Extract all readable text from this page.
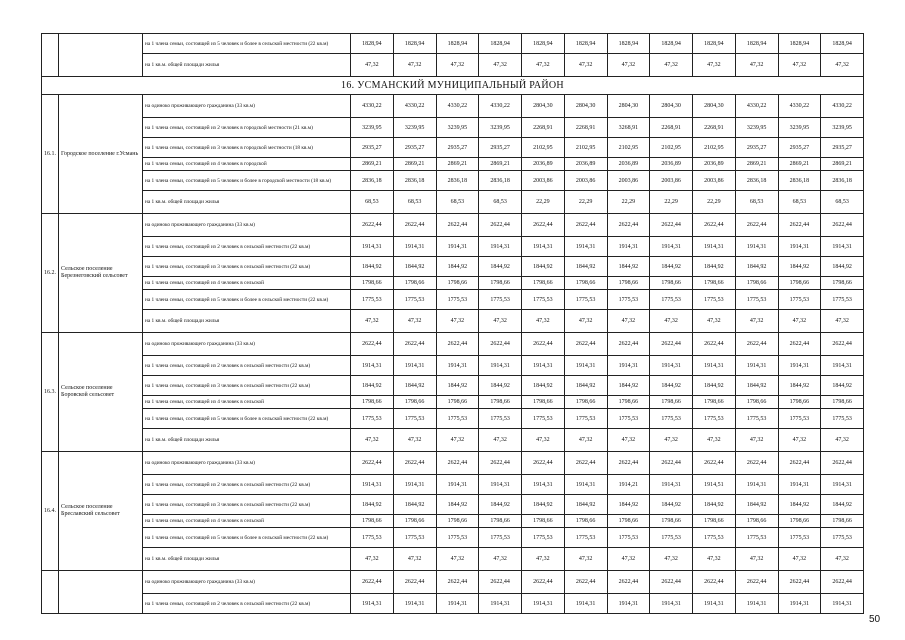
		на 1 члена семьи, состоящей из 5 человек и более в сельской местности (22 кв.м)	1828,94	1828,94	1828,94	1828,94	1828,94	1828,94	1828,94	1828,94	1828,94	1828,94	1828,94	1828,94
		на 1 кв.м. общей площади жилья	47,32	47,32	47,32	47,32	47,32	47,32	47,32	47,32	47,32	47,32	47,32	47,32
16. УСМАНСКИЙ МУНИЦИПАЛЬНЫЙ РАЙОН														
16.1.	Городское поселение г.Усмань	на одиноко проживающего гражданина (33 кв.м)	4330,22	4330,22	4330,22	4330,22	2804,30	2804,30	2804,30	2804,30	2804,30	4330,22	4330,22	4330,22
		на 1 члена семьи, состоящей из 2 человек в городской местности (21 кв.м)	3239,95	3239,95	3239,95	3239,95	2268,91	2268,91	3268,91	2268,91	2268,91	3239,95	3239,95	3239,95
		на 1 члена семьи, состоящей из 3 человек в городской местности (18 кв.м)	2935,27	2935,27	2935,27	2935,27	2102,95	2102,95	2102,95	2102,95	2102,95	2935,27	2935,27	2935,27
		на 1 члена семьи, состоящей из 4 человек в городской	2869,21	2869,21	2869,21	2869,21	2036,89	2036,89	2036,89	2036,89	2036,89	2869,21	2869,21	2869,21
		на 1 члена семьи, состоящей из 5 человек и более в городской местности (18 кв.м)	2836,18	2836,18	2836,18	2836,18	2003,86	2003,86	2003,86	2003,86	2003,86	2836,18	2836,18	2836,18
		на 1 кв.м. общей площади жилья	68,53	68,53	68,53	68,53	22,29	22,29	22,29	22,29	22,29	68,53	68,53	68,53
16.2.	Сельское поселение Березнеговский сельсовет	на одиноко проживающего гражданина (33 кв.м)	2622,44	2622,44	2622,44	2622,44	2622,44	2622,44	2622,44	2622,44	2622,44	2622,44	2622,44	2622,44
		на 1 члена семьи, состоящей из 2 человек в сельской местности (22 кв.м)	1914,31	1914,31	1914,31	1914,31	1914,31	1914,31	1914,31	1914,31	1914,31	1914,31	1914,31	1914,31
		на 1 члена семьи, состоящей из 3 человек в сельской местности (22 кв.м)	1844,92	1844,92	1844,92	1844,92	1844,92	1844,92	1844,92	1844,92	1844,92	1844,92	1844,92	1844,92
		на 1 члена семьи, состоящей из 4 человек в сельской	1798,66	1798,66	1798,66	1798,66	1798,66	1798,66	1798,66	1798,66	1798,66	1798,66	1798,66	1798,66
		на 1 члена семьи, состоящей из 5 человек и более в сельской местности (22 кв.м)	1775,53	1775,53	1775,53	1775,53	1775,53	1775,53	1775,53	1775,53	1775,53	1775,53	1775,53	1775,53
		на 1 кв.м. общей площади жилья	47,32	47,32	47,32	47,32	47,32	47,32	47,32	47,32	47,32	47,32	47,32	47,32
16.3.	Сельское поселение Боровской сельсовет	на одиноко проживающего гражданина (33 кв.м)	2622,44	2622,44	2622,44	2622,44	2622,44	2622,44	2622,44	2622,44	2622,44	2622,44	2622,44	2622,44
		на 1 члена семьи, состоящей из 2 человек в сельской местности (22 кв.м)	1914,31	1914,31	1914,31	1914,31	1914,31	1914,31	1914,31	1914,31	1914,31	1914,31	1914,31	1914,31
		на 1 члена семьи, состоящей из 3 человек в сельской местности (22 кв.м)	1844,92	1844,92	1844,92	1844,92	1844,92	1844,92	1844,92	1844,92	1844,92	1844,92	1844,92	1844,92
		на 1 члена семьи, состоящей из 4 человек в сельской	1798,66	1798,66	1798,66	1798,66	1798,66	1798,66	1798,66	1798,66	1798,66	1798,66	1798,66	1798,66
		на 1 члена семьи, состоящей из 5 человек и более в сельской местности (22 кв.м)	1775,53	1775,53	1775,53	1775,53	1775,53	1775,53	1775,53	1775,53	1775,53	1775,53	1775,53	1775,53
		на 1 кв.м. общей площади жилья	47,32	47,32	47,32	47,32	47,32	47,32	47,32	47,32	47,32	47,32	47,32	47,32
16.4.	Сельское поселение Бреславский сельсовет	на одиноко проживающего гражданина (33 кв.м)	2622,44	2622,44	2622,44	2622,44	2622,44	2622,44	2622,44	2622,44	2622,44	2622,44	2622,44	2622,44
		на 1 члена семьи, состоящей из 2 человек в сельской местности (22 кв.м)	1914,31	1914,31	1914,31	1914,31	1914,31	1914,31	1914,21	1914,31	1914,51	1914,31	1914,31	1914,31
		на 1 члена семьи, состоящей из 3 человек в сельской местности (22 кв.м)	1844,92	1844,92	1844,92	1844,92	1844,92	1844,92	1844,92	1844,92	1844,92	1844,92	1844,92	1844,92
		на 1 члена семьи, состоящей из 4 человек в сельской	1798,66	1798,66	1798,66	1798,66	1798,66	1798,66	1798,66	1798,66	1798,66	1798,66	1798,66	1798,66
		на 1 члена семьи, состоящей из 5 человек и более в сельской местности (22 кв.м)	1775,53	1775,53	1775,53	1775,53	1775,53	1775,53	1775,53	1775,53	1775,53	1775,53	1775,53	1775,53
		на 1 кв.м. общей площади жилья	47,32	47,32	47,32	47,32	47,32	47,32	47,32	47,32	47,32	47,32	47,32	47,32
		на одиноко проживающего гражданина (33 кв.м)	2622,44	2622,44	2622,44	2622,44	2622,44	2622,44	2622,44	2622,44	2622,44	2622,44	2622,44	2622,44
		на 1 члена семьи, состоящей из 2 человек в сельской местности (22 кв.м)	1914,31	1914,31	1914,31	1914,31	1914,31	1914,31	1914,31	1914,31	1914,31	1914,31	1914,31	1914,31
50
